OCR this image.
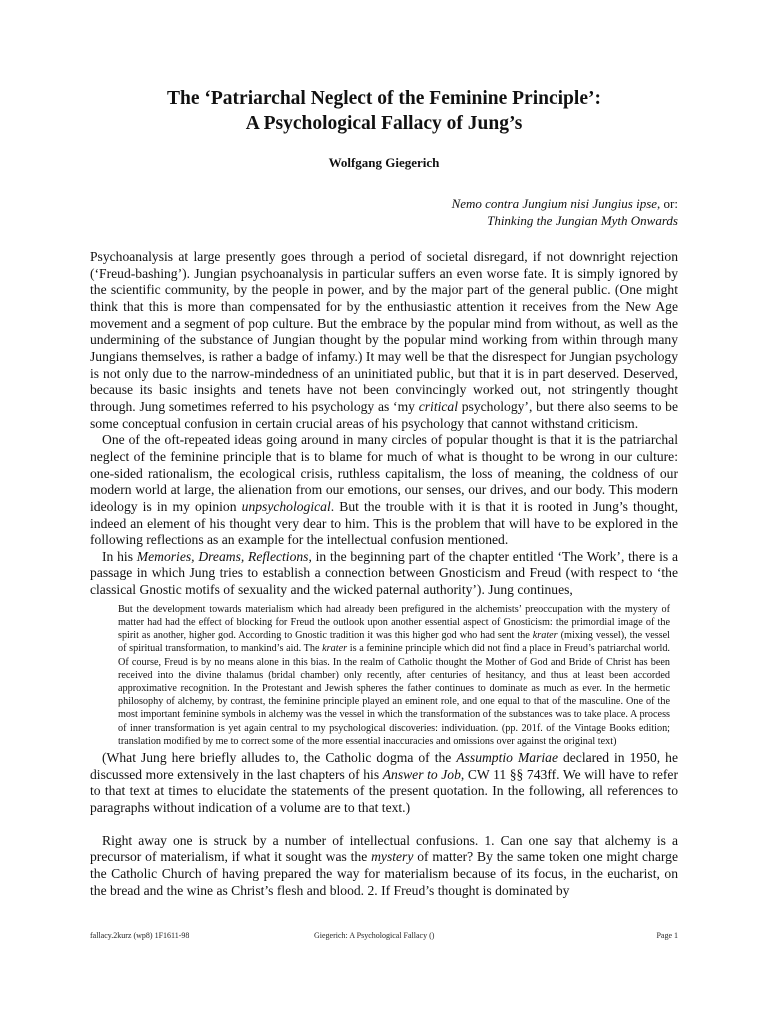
The ‘Patriarchal Neglect of the Feminine Principle’:
A Psychological Fallacy of Jung’s
Wolfgang Giegerich
Nemo contra Jungium nisi Jungius ipse, or:
Thinking the Jungian Myth Onwards

Psychoanalysis at large presently goes through a period of societal disregard, if not downright rejection (‘Freud-bashing’). Jungian psychoanalysis in particular suffers an even worse fate. It is simply ignored by the scientific community, by the people in power, and by the major part of the general public. (One might think that this is more than compensated for by the enthusiastic attention it receives from the New Age movement and a segment of pop culture. But the embrace by the popular mind from without, as well as the undermining of the substance of Jungian thought by the popular mind working from within through many Jungians themselves, is rather a badge of infamy.) It may well be that the disrespect for Jungian psychology is not only due to the narrow-mindedness of an uninitiated public, but that it is in part deserved. Deserved, because its basic insights and tenets have not been convincingly worked out, not stringently thought through. Jung sometimes referred to his psychology as ‘my critical psychology’, but there also seems to be some conceptual confusion in certain crucial areas of his psychology that cannot withstand criticism.

One of the oft-repeated ideas going around in many circles of popular thought is that it is the patriarchal neglect of the feminine principle that is to blame for much of what is thought to be wrong in our culture: one-sided rationalism, the ecological crisis, ruthless capitalism, the loss of meaning, the coldness of our modern world at large, the alienation from our emotions, our senses, our drives, and our body. This modern ideology is in my opinion unpsychological. But the trouble with it is that it is rooted in Jung’s thought, indeed an element of his thought very dear to him. This is the problem that will have to be explored in the following reflections as an example for the intellectual confusion mentioned.

In his Memories, Dreams, Reflections, in the beginning part of the chapter entitled ‘The Work’, there is a passage in which Jung tries to establish a connection between Gnosticism and Freud (with respect to ‘the classical Gnostic motifs of sexuality and the wicked paternal authority’). Jung continues,

But the development towards materialism which had already been prefigured in the alchemists’ preoccupation with the mystery of matter had had the effect of blocking for Freud the outlook upon another essential aspect of Gnosticism: the primordial image of the spirit as another, higher god. According to Gnostic tradition it was this higher god who had sent the krater (mixing vessel), the vessel of spiritual transformation, to mankind’s aid. The krater is a feminine principle which did not find a place in Freud’s patriarchal world. Of course, Freud is by no means alone in this bias. In the realm of Catholic thought the Mother of God and Bride of Christ has been received into the divine thalamus (bridal chamber) only recently, after centuries of hesitancy, and thus at least been accorded approximative recognition. In the Protestant and Jewish spheres the father continues to dominate as much as ever. In the hermetic philosophy of alchemy, by contrast, the feminine principle played an eminent role, and one equal to that of the masculine. One of the most important feminine symbols in alchemy was the vessel in which the transformation of the substances was to take place. A process of inner transformation is yet again central to my psychological discoveries: individuation. (pp. 201f. of the Vintage Books edition; translation modified by me to correct some of the more essential inaccuracies and omissions over against the original text)

(What Jung here briefly alludes to, the Catholic dogma of the Assumptio Mariae declared in 1950, he discussed more extensively in the last chapters of his Answer to Job, CW 11 §§ 743ff. We will have to refer to that text at times to elucidate the statements of the present quotation. In the following, all references to paragraphs without indication of a volume are to that text.)

Right away one is struck by a number of intellectual confusions. 1. Can one say that alchemy is a precursor of materialism, if what it sought was the mystery of matter? By the same token one might charge the Catholic Church of having prepared the way for materialism because of its focus, in the eucharist, on the bread and the wine as Christ’s flesh and blood. 2. If Freud’s thought is dominated by

fallacy.2kurz (wp8) 1F1611-98	Giegerich: A Psychological Fallacy ()	Page 1
